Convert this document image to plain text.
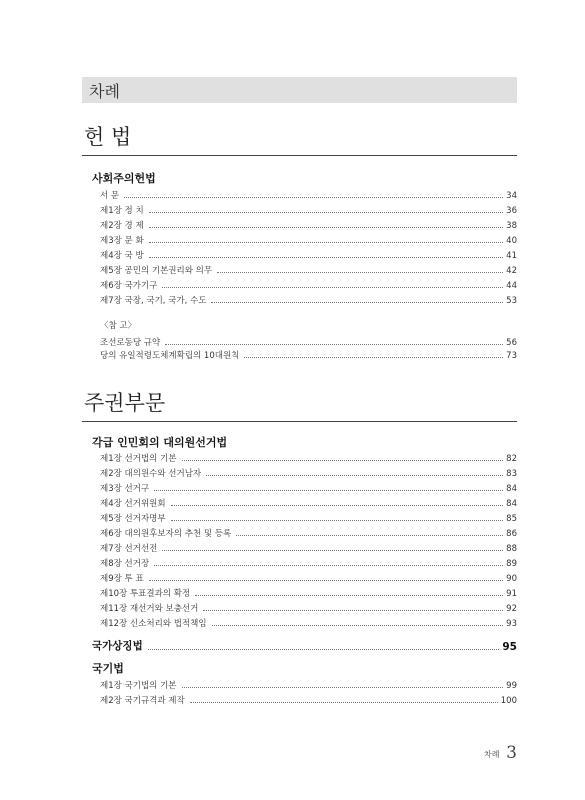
차례
헌 법
사회주의헌법
서 문	34
제1장 정 치	36
제2장 경 제	38
제3장 문 화	40
제4장 국 방	41
제5장 공민의 기본권리와 의무	42
제6장 국가기구	44
제7장 국장, 국기, 국가, 수도	53
〈참 고〉
조선로동당 규약	56
당의 유일적령도체계확립의 10대원칙	73
주권부문
각급 인민회의 대의원선거법
제1장 선거법의 기본	82
제2장 대의원수와 선거남자	83
제3장 선거구	84
제4장 선거위원회	84
제5장 선거자명부	85
제6장 대의원후보자의 추천 및 등록	86
제7장 선거선전	88
제8장 선거장	89
제9장 투 표	90
제10장 투표결과의 확정	91
제11장 재선거와 보충선거	92
제12장 신소처리와 법적책임	93
국가상징법	95
국기법
제1장 국기법의 기본	99
제2장 국기규격과 제작	100
차례 3
